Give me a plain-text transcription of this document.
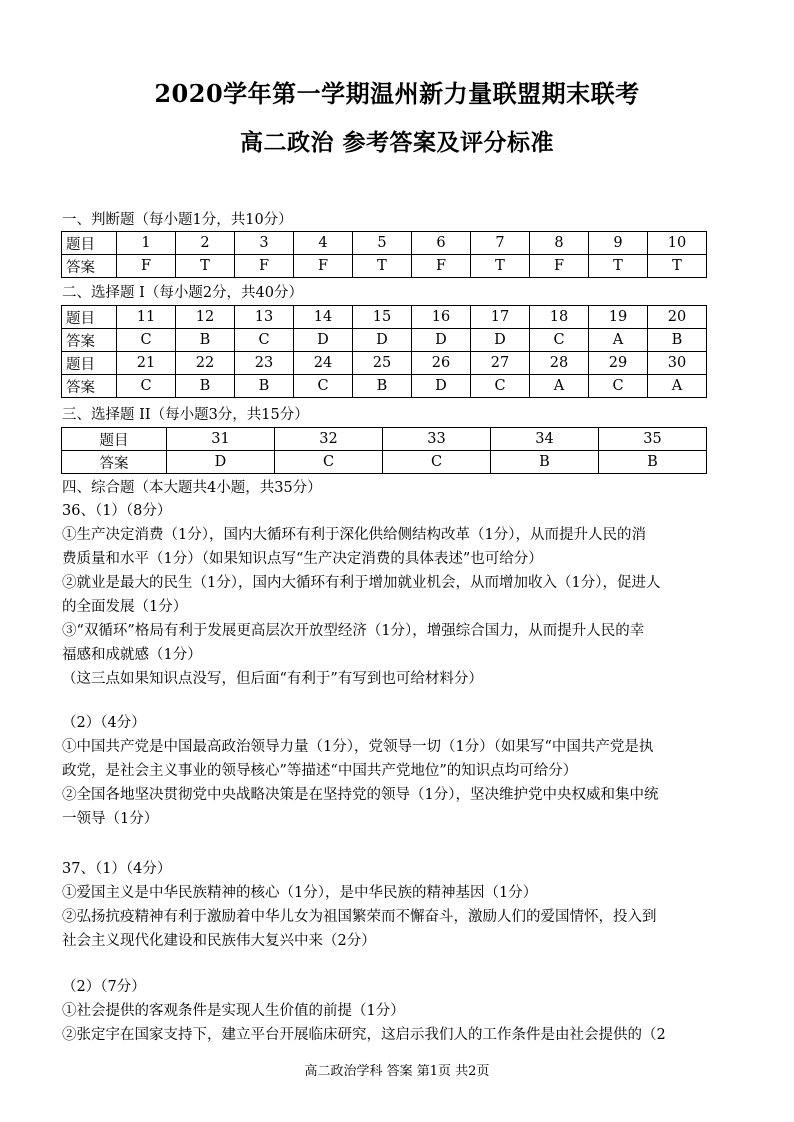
2020学年第一学期温州新力量联盟期末联考
高二政治 参考答案及评分标准
一、判断题（每小题1分，共10分）
题目	1	2	3	4	5	6	7	8	9	10
答案	F	T	F	F	T	F	T	F	T	T
二、选择题 I（每小题2分，共40分）
题目	11	12	13	14	15	16	17	18	19	20
答案	C	B	C	D	D	D	D	C	A	B
题目	21	22	23	24	25	26	27	28	29	30
答案	C	B	B	C	B	D	C	A	C	A
三、选择题 II（每小题3分，共15分）
题目	31	32	33	34	35
答案	D	C	C	B	B
四、综合题（本大题共4小题，共35分）
36、（1）（8分）
①生产决定消费（1分），国内大循环有利于深化供给侧结构改革（1分），从而提升人民的消
费质量和水平（1分）（如果知识点写“生产决定消费的具体表述”也可给分）
②就业是最大的民生（1分），国内大循环有利于增加就业机会，从而增加收入（1分），促进人
的全面发展（1分）
③“双循环”格局有利于发展更高层次开放型经济（1分），增强综合国力，从而提升人民的幸
福感和成就感（1分）
（这三点如果知识点没写，但后面“有利于”有写到也可给材料分）
（2）（4分）
①中国共产党是中国最高政治领导力量（1分），党领导一切（1分）（如果写“中国共产党是执
政党，是社会主义事业的领导核心”等描述“中国共产党地位”的知识点均可给分）
②全国各地坚决贯彻党中央战略决策是在坚持党的领导（1分），坚决维护党中央权威和集中统
一领导（1分）
37、（1）（4分）
①爱国主义是中华民族精神的核心（1分），是中华民族的精神基因（1分）
②弘扬抗疫精神有利于激励着中华儿女为祖国繁荣而不懈奋斗，激励人们的爱国情怀，投入到
社会主义现代化建设和民族伟大复兴中来（2分）
（2）（7分）
①社会提供的客观条件是实现人生价值的前提（1分）
②张定宇在国家支持下，建立平台开展临床研究，这启示我们人的工作条件是由社会提供的（2
高二政治学科 答案 第1页 共2页
